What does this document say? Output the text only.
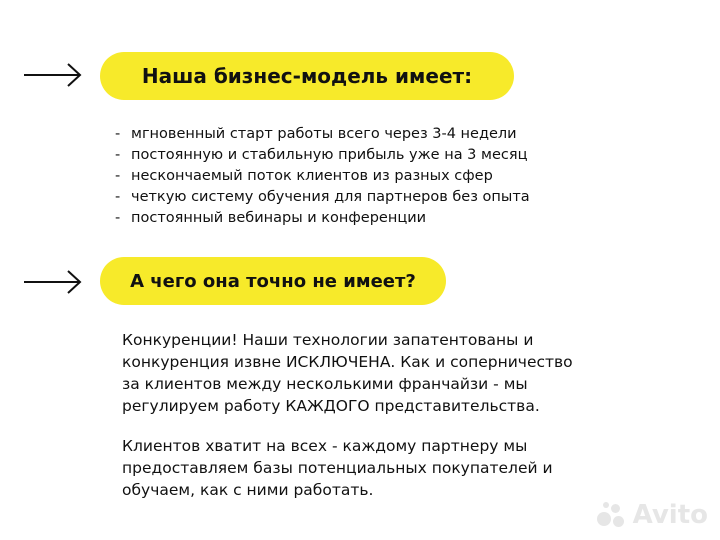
Наша бизнес-модель имеет:
- мгновенный старт работы всего через 3-4 недели
- постоянную и стабильную прибыль уже на 3 месяц
- нескончаемый поток клиентов из разных сфер
- четкую систему обучения для партнеров без опыта
- постоянный вебинары и конференции
А чего она точно не имеет?

Конкуренции! Наши технологии запатентованы и
конкуренция извне ИСКЛЮЧЕНА. Как и соперничество
за клиентов между несколькими франчайзи - мы
регулируем работу КАЖДОГО представительства.

Клиентов хватит на всех - каждому партнеру мы
предоставляем базы потенциальных покупателей и
обучаем, как с ними работать.

Avito
